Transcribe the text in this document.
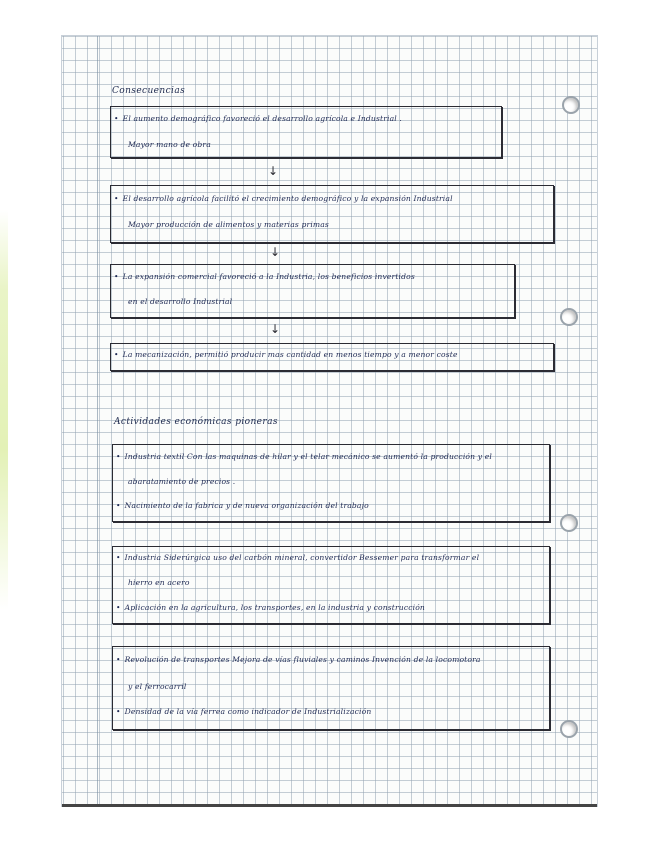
Consecuencias
• El aumento demográfico favoreció el desarrollo agrícola e Industrial .
Mayor mano de obra
↓
• El desarrollo agrícola facilitó el crecimiento demográfico y la expansión Industrial
Mayor producción de alimentos y materias primas
↓
• La expansión comercial favoreció a la Industria, los beneficios invertidos
en el desarrollo Industrial
↓
• La mecanización, permitió producir mas cantidad en menos tiempo y a menor coste
Actividades económicas pioneras
• Industria textil Con las maquinas de hilar y el telar mecánico se aumentó la producción y el
abaratamiento de precios .
• Nacimiento de la fabrica y de nueva organización del trabajo
• Industria Siderúrgica uso del carbón mineral, convertidor Bessemer para transformar el
hierro en acero
• Aplicación en la agricultura, los transportes, en la industria y construcción
• Revolución de transportes Mejora de vías fluviales y caminos Invención de la locomotora
y el ferrocarril
• Densidad de la vía ferrea como indicador de Industrialización
